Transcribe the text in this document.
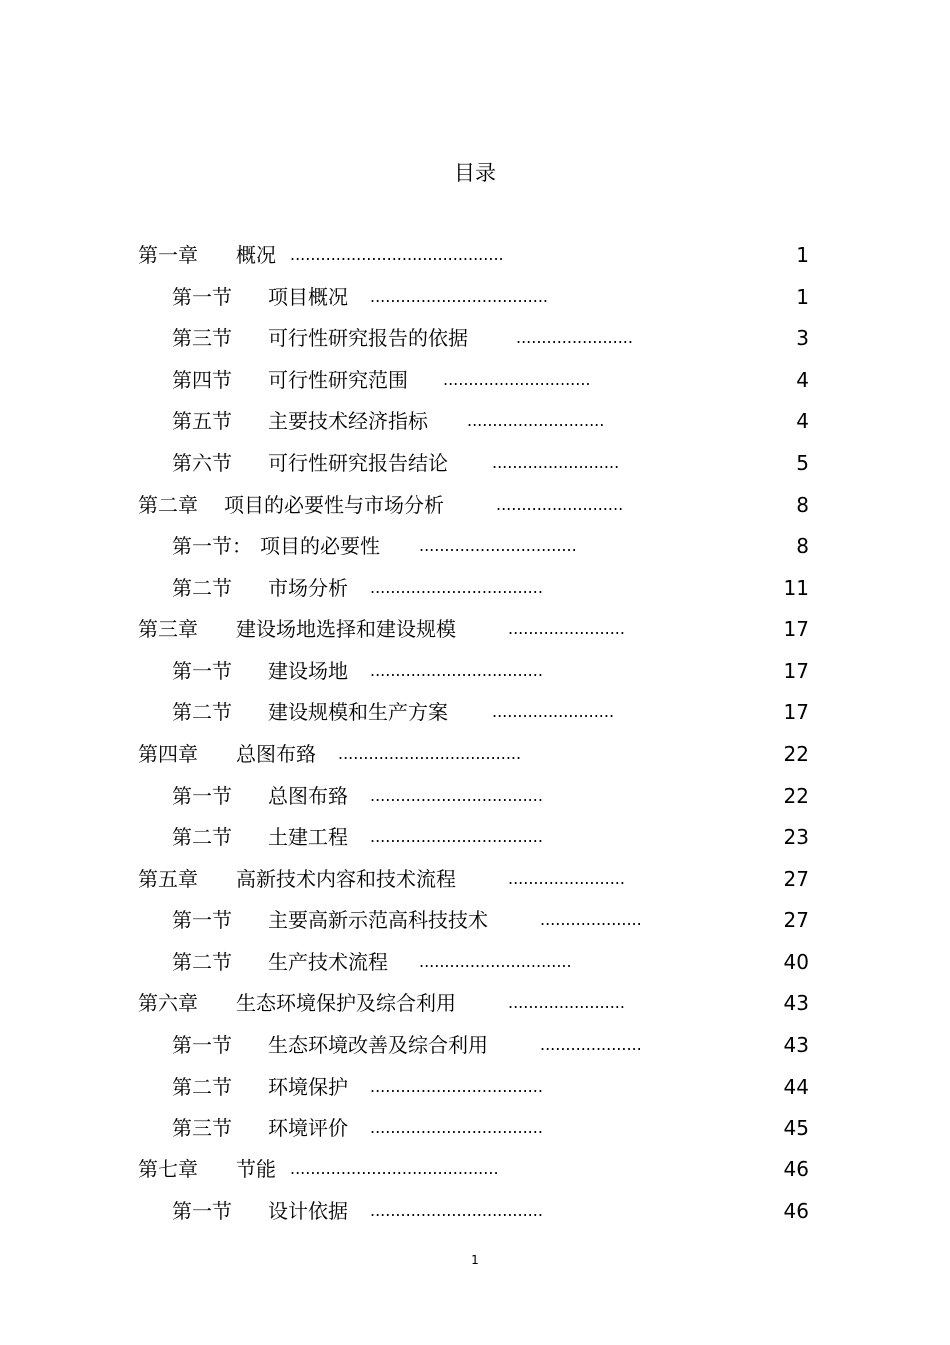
目录
第一章 概况 ..........................................	1
第一节 项目概况 ...................................	1
第三节 可行性研究报告的依据	.......................	3
第四节 可行性研究范围 .............................	4
第五节 主要技术经济指标 ...........................	4
第六节 可行性研究报告结论	.........................	5
第二章 项目的必要性与市场分析	.........................	8
第一节： 项目的必要性 ...............................	8
第二节 市场分析 ..................................	11
第三章 建设场地选择和建设规模	.......................	17
第一节 建设场地 ..................................	17
第二节 建设规模和生产方案	........................	17
第四章 总图布臵 ....................................	22
第一节 总图布臵 ..................................	22
第二节 土建工程 ..................................	23
第五章 高新技术内容和技术流程	.......................	27
第一节 主要高新示范高科技技术	....................	27
第二节 生产技术流程 ..............................	40
第六章 生态环境保护及综合利用	.......................	43
第一节 生态环境改善及综合利用	....................	43
第二节 环境保护 ..................................	44
第三节 环境评价 ..................................	45
第七章 节能 .........................................	46
第一节 设计依据 ..................................	46
1
